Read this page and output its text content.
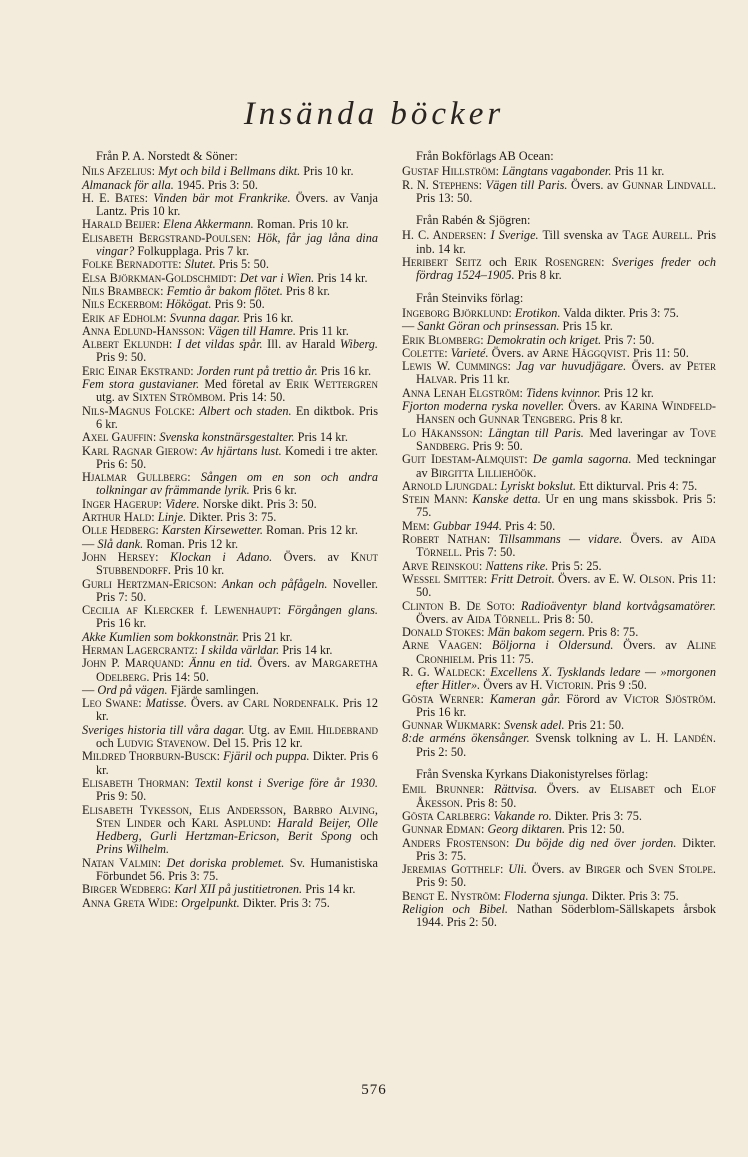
Insända böcker

Från P. A. Norstedt & Söner:

Nils Afzelius: Myt och bild i Bellmans dikt. Pris 10 kr.

Almanack för alla. 1945. Pris 3: 50.

H. E. Bates: Vinden bär mot Frankrike. Övers. av Vanja Lantz. Pris 10 kr.

Harald Beijer: Elena Akkermann. Roman. Pris 10 kr.

Elisabeth Bergstrand-Poulsen: Hök, får jag låna dina vingar? Folkupplaga. Pris 7 kr.

Folke Bernadotte: Slutet. Pris 5: 50.

Elsa Björkman-Goldschmidt: Det var i Wien. Pris 14 kr.

Nils Brambeck: Femtio år bakom flötet. Pris 8 kr.

Nils Eckerbom: Hökögat. Pris 9: 50.

Erik af Edholm: Svunna dagar. Pris 16 kr.

Anna Edlund-Hansson: Vägen till Hamre. Pris 11 kr.

Albert Eklundh: I det vildas spår. Ill. av Harald Wiberg. Pris 9: 50.

Eric Einar Ekstrand: Jorden runt på trettio år. Pris 16 kr.

Fem stora gustavianer. Med företal av Erik Wettergren utg. av Sixten Strömbom. Pris 14: 50.

Nils-Magnus Folcke: Albert och staden. En diktbok. Pris 6 kr.

Axel Gauffin: Svenska konstnärsgestalter. Pris 14 kr.

Karl Ragnar Gierow: Av hjärtans lust. Komedi i tre akter. Pris 6: 50.

Hjalmar Gullberg: Sången om en son och andra tolkningar av främmande lyrik. Pris 6 kr.

Inger Hagerup: Videre. Norske dikt. Pris 3: 50.

Arthur Hald: Linje. Dikter. Pris 3: 75.

Olle Hedberg: Karsten Kirsewetter. Roman. Pris 12 kr.

— Slå dank. Roman. Pris 12 kr.

John Hersey: Klockan i Adano. Övers. av Knut Stubbendorff. Pris 10 kr.

Gurli Hertzman-Ericson: Ankan och påfågeln. Noveller. Pris 7: 50.

Cecilia af Klercker f. Lewenhaupt: Förgången glans. Pris 16 kr.

Akke Kumlien som bokkonstnär. Pris 21 kr.

Herman Lagercrantz: I skilda världar. Pris 14 kr.

John P. Marquand: Ännu en tid. Övers. av Margaretha Odelberg. Pris 14: 50.

— Ord på vägen. Fjärde samlingen.

Leo Swane: Matisse. Övers. av Carl Nordenfalk. Pris 12 kr.

Sveriges historia till våra dagar. Utg. av Emil Hildebrand och Ludvig Stavenow. Del 15. Pris 12 kr.

Mildred Thorburn-Busck: Fjäril och puppa. Dikter. Pris 6 kr.

Elisabeth Thorman: Textil konst i Sverige före år 1930. Pris 9: 50.

Elisabeth Tykesson, Elis Andersson, Barbro Alving, Sten Linder och Karl Asplund: Harald Beijer, Olle Hedberg, Gurli Hertzman-Ericson, Berit Spong och Prins Wilhelm.

Natan Valmin: Det doriska problemet. Sv. Humanistiska Förbundet 56. Pris 3: 75.

Birger Wedberg: Karl XII på justitietronen. Pris 14 kr.

Anna Greta Wide: Orgelpunkt. Dikter. Pris 3: 75.

Från Bokförlags AB Ocean:

Gustaf Hillström: Längtans vagabonder. Pris 11 kr.

R. N. Stephens: Vägen till Paris. Övers. av Gunnar Lindvall. Pris 13: 50.

Från Rabén & Sjögren:

H. C. Andersen: I Sverige. Till svenska av Tage Aurell. Pris inb. 14 kr.

Heribert Seitz och Erik Rosengren: Sveriges freder och fördrag 1524–1905. Pris 8 kr.

Från Steinviks förlag:

Ingeborg Björklund: Erotikon. Valda dikter. Pris 3: 75.

— Sankt Göran och prinsessan. Pris 15 kr.

Erik Blomberg: Demokratin och kriget. Pris 7: 50.

Colette: Varieté. Övers. av Arne Häggqvist. Pris 11: 50.

Lewis W. Cummings: Jag var huvudjägare. Övers. av Peter Halvar. Pris 11 kr.

Anna Lenah Elgström: Tidens kvinnor. Pris 12 kr.

Fjorton moderna ryska noveller. Övers. av Karina Windfeld-Hansen och Gunnar Tengberg. Pris 8 kr.

Lo Håkansson: Längtan till Paris. Med laveringar av Tove Sandberg. Pris 9: 50.

Guit Idestam-Almquist: De gamla sagorna. Med teckningar av Birgitta Lilliehöök.

Arnold Ljungdal: Lyriskt bokslut. Ett dikturval. Pris 4: 75.

Stein Mann: Kanske detta. Ur en ung mans skissbok. Pris 5: 75.

Mem: Gubbar 1944. Pris 4: 50.

Robert Nathan: Tillsammans — vidare. Övers. av Aida Törnell. Pris 7: 50.

Arve Reinskou: Nattens rike. Pris 5: 25.

Wessel Smitter: Fritt Detroit. Övers. av E. W. Olson. Pris 11: 50.

Clinton B. De Soto: Radioäventyr bland kortvågsamatörer. Övers. av Aida Törnell. Pris 8: 50.

Donald Stokes: Män bakom segern. Pris 8: 75.

Arne Vaagen: Böljorna i Oldersund. Övers. av Aline Cronhielm. Pris 11: 75.

R. G. Waldeck: Excellens X. Tysklands ledare — »morgonen efter Hitler». Övers av H. Victorin. Pris 9 :50.

Gösta Werner: Kameran går. Förord av Victor Sjöström. Pris 16 kr.

Gunnar Wijkmark: Svensk adel. Pris 21: 50.

8:de arméns ökensånger. Svensk tolkning av L. H. Landén. Pris 2: 50.

Från Svenska Kyrkans Diakonistyrelses förlag:

Emil Brunner: Rättvisa. Övers. av Elisabet och Elof Åkesson. Pris 8: 50.

Gösta Carlberg: Vakande ro. Dikter. Pris 3: 75.

Gunnar Edman: Georg diktaren. Pris 12: 50.

Anders Frostenson: Du böjde dig ned över jorden. Dikter. Pris 3: 75.

Jeremias Gotthelf: Uli. Övers. av Birger och Sven Stolpe. Pris 9: 50.

Bengt E. Nyström: Floderna sjunga. Dikter. Pris 3: 75.

Religion och Bibel. Nathan Söderblom-Sällskapets årsbok 1944. Pris 2: 50.

576
